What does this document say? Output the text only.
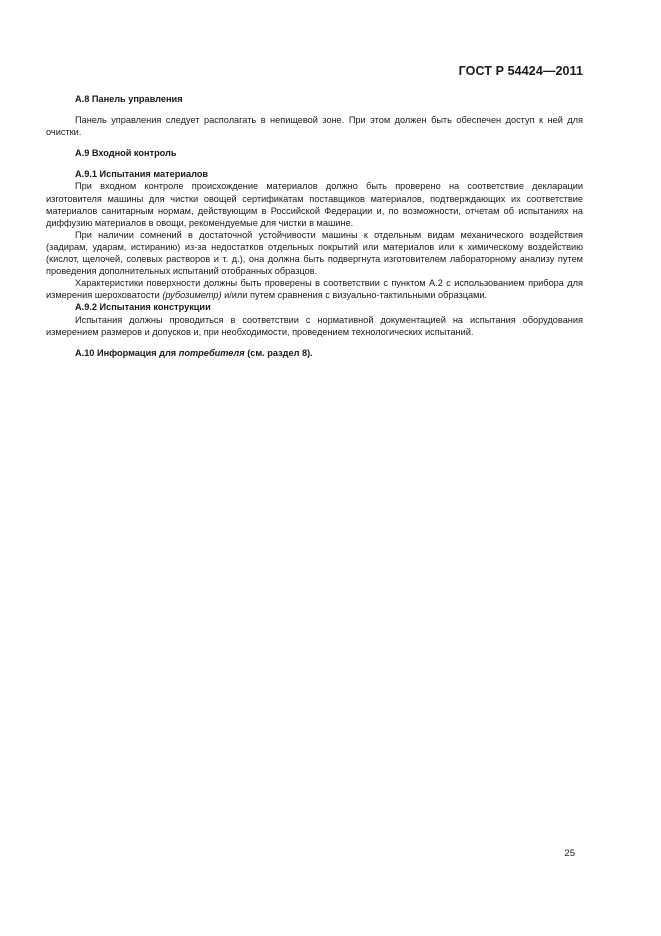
ГОСТ Р 54424—2011

А.8 Панель управления

Панель управления следует располагать в непищевой зоне. При этом должен быть обеспечен доступ к ней для очистки.

А.9 Входной контроль

А.9.1 Испытания материалов

При входном контроле происхождение материалов должно быть проверено на соответствие декларации изготовителя машины для чистки овощей сертификатам поставщиков материалов, подтверждающих их соответствие материалов санитарным нормам, действующим в Российской Федерации и, по возможности, отчетам об испытаниях на диффузию материалов в овощи, рекомендуемые для чистки в машине.

При наличии сомнений в достаточной устойчивости машины к отдельным видам механического воздействия (задирам, ударам, истиранию) из-за недостатков отдельных покрытий или материалов или к химическому воздействию (кислот, щелочей, солевых растворов и т. д.), она должна быть подвергнута изготовителем лабораторному анализу путем проведения дополнительных испытаний отобранных образцов.

Характеристики поверхности должны быть проверены в соответствии с пунктом А.2 с использованием прибора для измерения шероховатости (рубозиметр) и/или путем сравнения с визуально-тактильными образцами.

А.9.2 Испытания конструкции

Испытания должны проводиться в соответствии с нормативной документацией на испытания оборудования измерением размеров и допусков и, при необходимости, проведением технологических испытаний.

А.10 Информация для потребителя (см. раздел 8).

25
